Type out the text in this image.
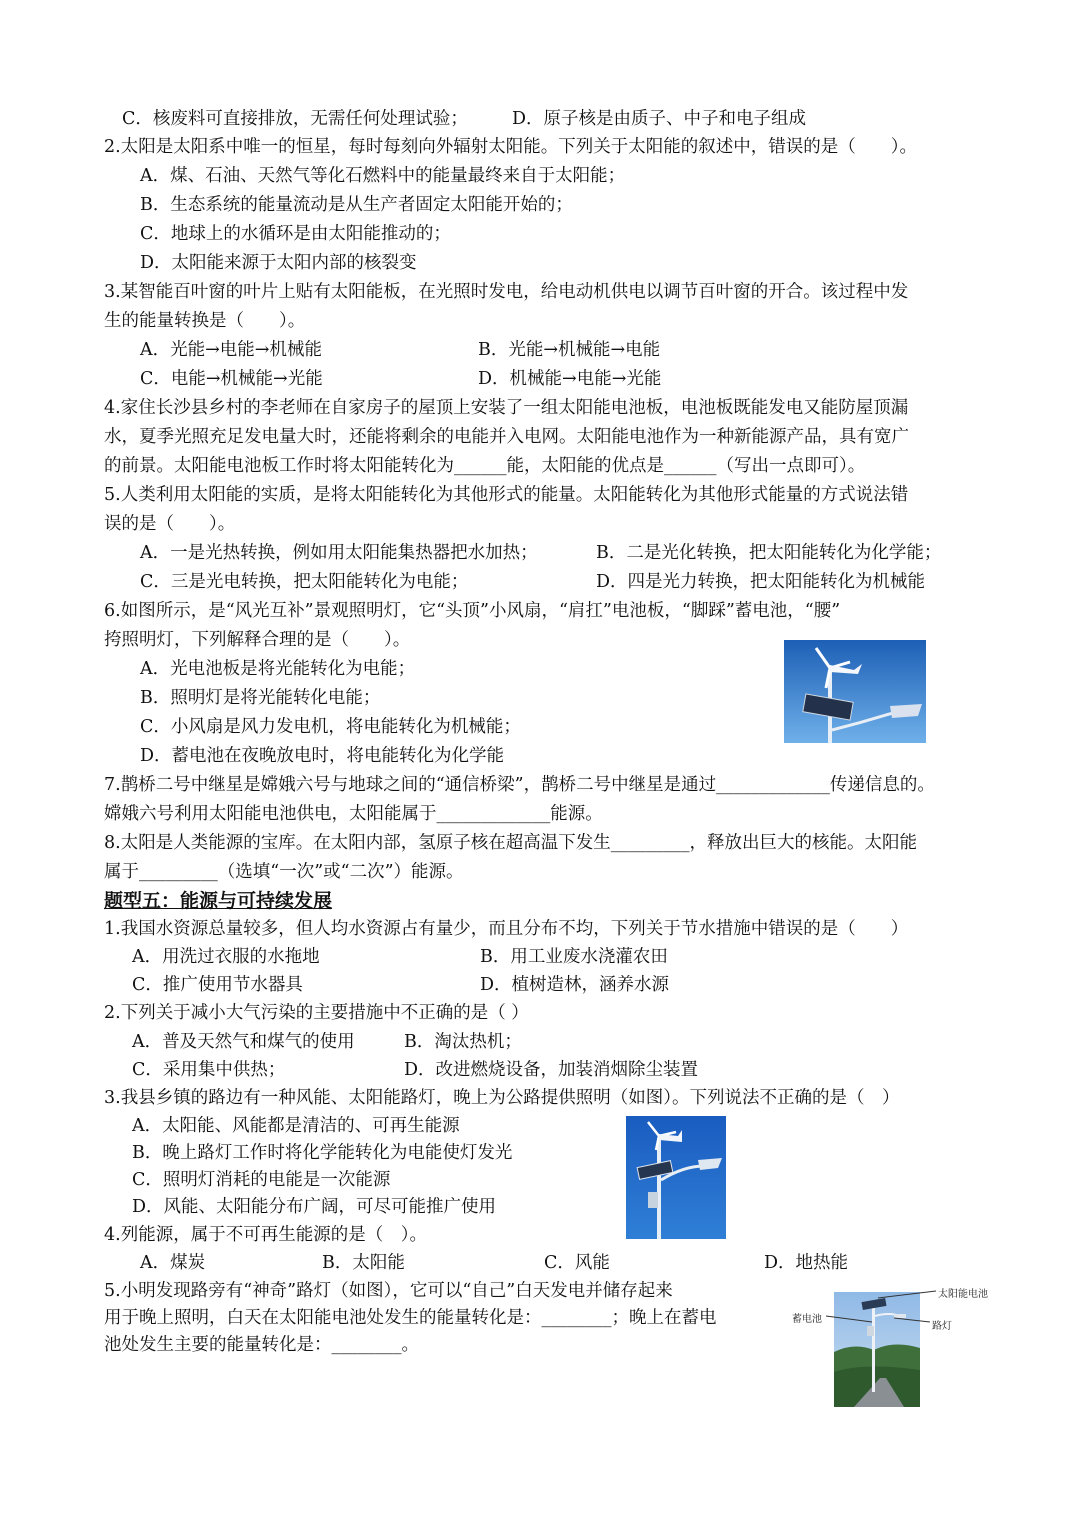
C．核废料可直接排放，无需任何处理试验；	D．原子核是由质子、中子和电子组成
2.太阳是太阳系中唯一的恒星，每时每刻向外辐射太阳能。下列关于太阳能的叙述中，错误的是（　　）。
A．煤、石油、天然气等化石燃料中的能量最终来自于太阳能；
B．生态系统的能量流动是从生产者固定太阳能开始的；
C．地球上的水循环是由太阳能推动的；
D．太阳能来源于太阳内部的核裂变
3.某智能百叶窗的叶片上贴有太阳能板，在光照时发电，给电动机供电以调节百叶窗的开合。该过程中发
生的能量转换是（　　）。
A．光能→电能→机械能	B．光能→机械能→电能
C．电能→机械能→光能	D．机械能→电能→光能
4.家住长沙县乡村的李老师在自家房子的屋顶上安装了一组太阳能电池板，电池板既能发电又能防屋顶漏
水，夏季光照充足发电量大时，还能将剩余的电能并入电网。太阳能电池作为一种新能源产品，具有宽广
的前景。太阳能电池板工作时将太阳能转化为______能，太阳能的优点是______（写出一点即可）。
5.人类利用太阳能的实质，是将太阳能转化为其他形式的能量。太阳能转化为其他形式能量的方式说法错
误的是（　　）。
A．一是光热转换，例如用太阳能集热器把水加热；	B．二是光化转换，把太阳能转化为化学能；
C．三是光电转换，把太阳能转化为电能；	D．四是光力转换，把太阳能转化为机械能
6.如图所示，是“风光互补”景观照明灯，它“头顶”小风扇，“肩扛”电池板，“脚踩”蓄电池，“腰”
挎照明灯，下列解释合理的是（　　）。
A．光电池板是将光能转化为电能；
B．照明灯是将光能转化电能；
C．小风扇是风力发电机，将电能转化为机械能；
D．蓄电池在夜晚放电时，将电能转化为化学能
7.鹊桥二号中继星是嫦娥六号与地球之间的“通信桥梁”，鹊桥二号中继星是通过_____________传递信息的。
嫦娥六号利用太阳能电池供电，太阳能属于_____________能源。
8.太阳是人类能源的宝库。在太阳内部，氢原子核在超高温下发生_________，释放出巨大的核能。太阳能
属于_________（选填“一次”或“二次”）能源。
题型五：能源与可持续发展
1.我国水资源总量较多，但人均水资源占有量少，而且分布不均，下列关于节水措施中错误的是（　　）
A．用洗过衣服的水拖地	B．用工业废水浇灌农田
C．推广使用节水器具	D．植树造林，涵养水源
2.下列关于减小大气污染的主要措施中不正确的是（ ）
A．普及天然气和煤气的使用	B．淘汰热机；
C．采用集中供热；	D．改进燃烧设备，加装消烟除尘装置
3.我县乡镇的路边有一种风能、太阳能路灯，晚上为公路提供照明（如图）。下列说法不正确的是（　）
A．太阳能、风能都是清洁的、可再生能源
B．晚上路灯工作时将化学能转化为电能使灯发光
C．照明灯消耗的电能是一次能源
D．风能、太阳能分布广阔，可尽可能推广使用
4.列能源，属于不可再生能源的是（　）。
A．煤炭	B．太阳能	C．风能	D．地热能
5.小明发现路旁有“神奇”路灯（如图），它可以“自己”白天发电并储存起来
用于晚上照明，白天在太阳能电池处发生的能量转化是：________；晚上在蓄电
池处发生主要的能量转化是：________。
太阳能电池
蓄电池
路灯
